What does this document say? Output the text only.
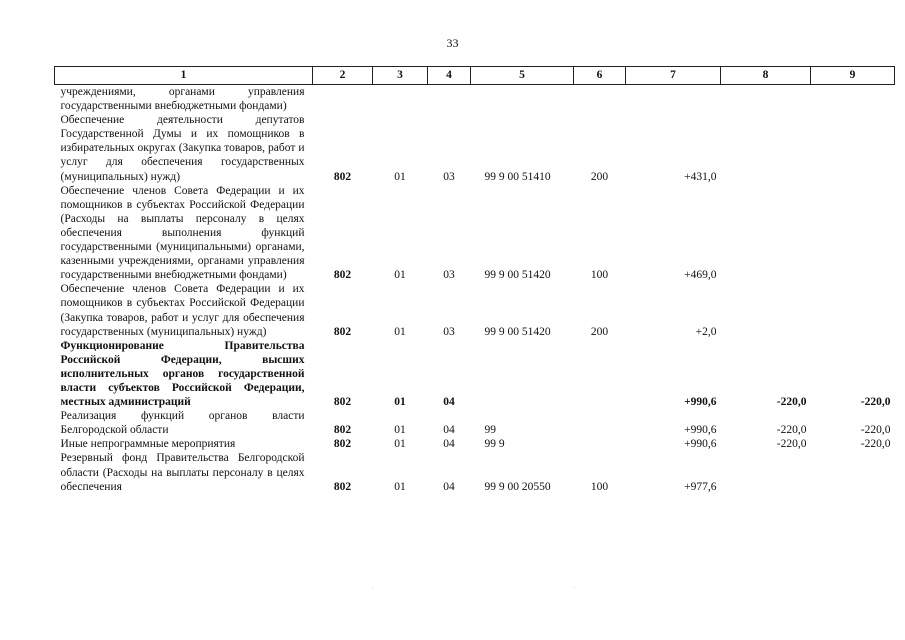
33
1	2	3	4	5	6	7	8	9
учреждениями, органами управления государственными внебюджетными фондами)								
Обеспечение деятельности депутатов Государственной Думы и их помощников в избирательных округах (Закупка товаров, работ и услуг для обеспечения государственных (муниципальных) нужд)	802	01	03	99 9 00 51410	200	+431,0		
Обеспечение членов Совета Федерации и их помощников в субъектах Российской Федерации (Расходы на выплаты персоналу в целях обеспечения выполнения функций государственными (муниципальными) органами, казенными учреждениями, органами управления государственными внебюджетными фондами)	802	01	03	99 9 00 51420	100	+469,0		
Обеспечение членов Совета Федерации и их помощников в субъектах Российской Федерации (Закупка товаров, работ и услуг для обеспечения государственных (муниципальных) нужд)	802	01	03	99 9 00 51420	200	+2,0		
Функционирование Правительства Российской Федерации, высших исполнительных органов государственной власти субъектов Российской Федерации, местных администраций	802	01	04			+990,6	-220,0	-220,0
Реализация функций органов власти Белгородской области	802	01	04	99		+990,6	-220,0	-220,0
Иные непрограммные мероприятия	802	01	04	99 9		+990,6	-220,0	-220,0
Резервный фонд Правительства Белгородской области (Расходы на выплаты персоналу в целях обеспечения	802	01	04	99 9 00 20550	100	+977,6		
·	·
